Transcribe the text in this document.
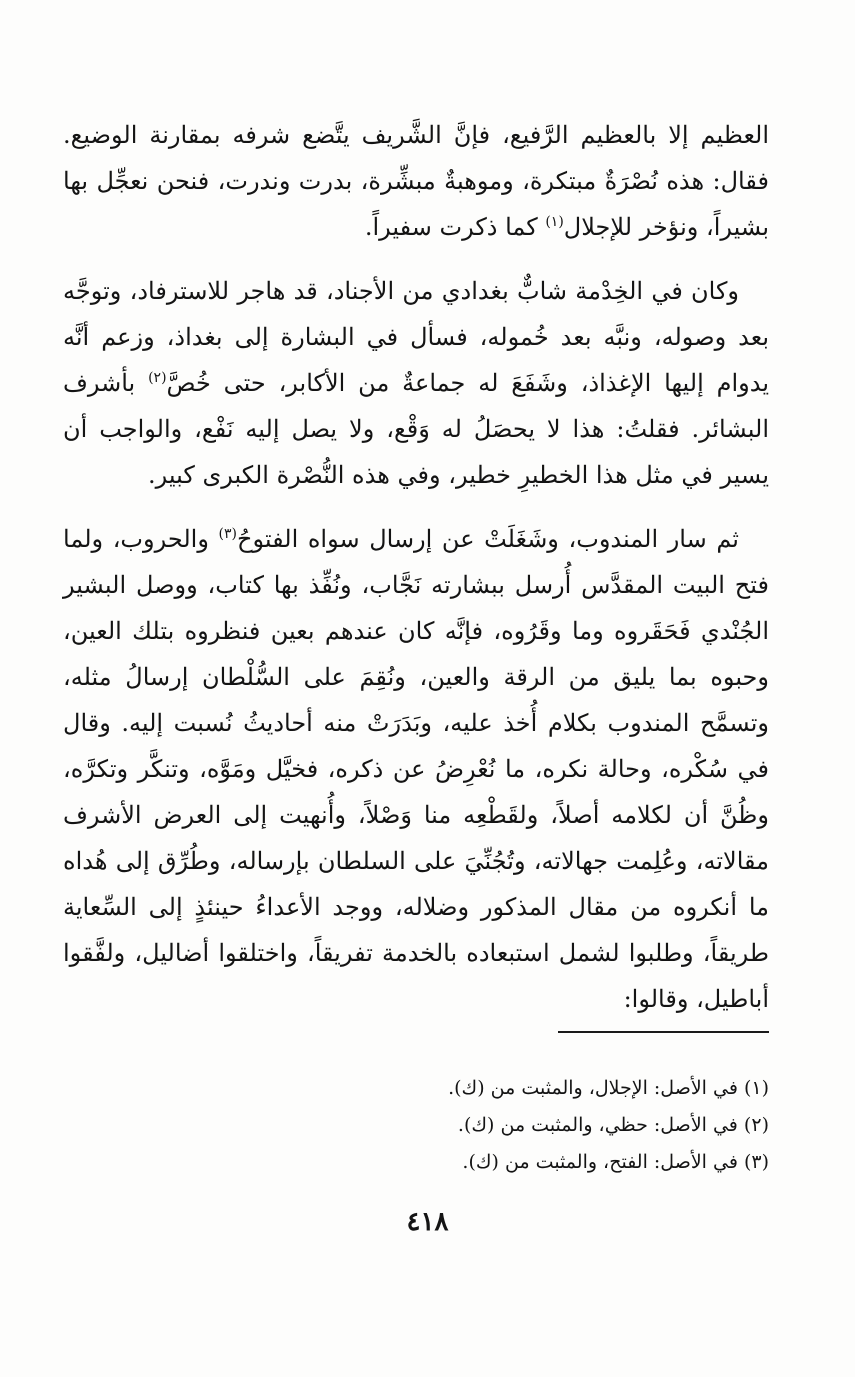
العظيم إلا بالعظيم الرَّفيع، فإنَّ الشَّريف يتَّضع شرفه بمقارنة الوضيع. فقال: هذه نُصْرَةٌ مبتكرة، وموهبةٌ مبشِّرة، بدرت وندرت، فنحن نعجِّل بها بشيراً، ونؤخر للإجلال$^{(١)}$ كما ذكرت سفيراً.

وكان في الخِدْمة شابٌّ بغدادي من الأجناد، قد هاجر للاسترفاد، وتوجَّه بعد وصوله، ونبَّه بعد خُموله، فسأل في البشارة إلى بغداذ، وزعم أنَّه يدوام إليها الإغذاذ، وشَفَعَ له جماعةٌ من الأكابر، حتى خُصَّ$^{(٢)}$ بأشرف البشائر. فقلتُ: هذا لا يحصَلُ له وَقْع، ولا يصل إليه نَفْع، والواجب أن يسير في مثل هذا الخطيرِ خطير، وفي هذه النُّصْرة الكبرى كبير.

ثم سار المندوب، وشَغَلَتْ عن إرسال سواه الفتوحُ$^{(٣)}$ والحروب، ولما فتح البيت المقدَّس أُرسل ببشارته نَجَّاب، ونُفِّذ بها كتاب، ووصل البشير الجُنْدي فَحَقَروه وما وقَرُوه، فإنَّه كان عندهم بعين فنظروه بتلك العين، وحبوه بما يليق من الرقة والعين، ونُقِمَ على السُّلْطان إرسالُ مثله، وتسمَّح المندوب بكلام أُخذ عليه، وبَدَرَتْ منه أحاديثُ نُسبت إليه. وقال في سُكْره، وحالة نكره، ما نُعْرِضُ عن ذكره، فخيَّل ومَوَّه، وتنكَّر وتكرَّه، وظُنَّ أن لكلامه أصلاً، ولقَطْعِه منا وَصْلاً، وأُنهيت إلى العرض الأشرف مقالاته، وعُلِمت جهالاته، وتُجُنِّيَ على السلطان بإرساله، وطُرِّق إلى هُداه ما أنكروه من مقال المذكور وضلاله، ووجد الأعداءُ حينئذٍ إلى السِّعاية طريقاً، وطلبوا لشمل استبعاده بالخدمة تفريقاً، واختلقوا أضاليل، ولفَّقوا أباطيل، وقالوا:

(١) في الأصل: الإجلال، والمثبت من (ك).

(٢) في الأصل: حظي، والمثبت من (ك).

(٣) في الأصل: الفتح، والمثبت من (ك).

٤١٨
